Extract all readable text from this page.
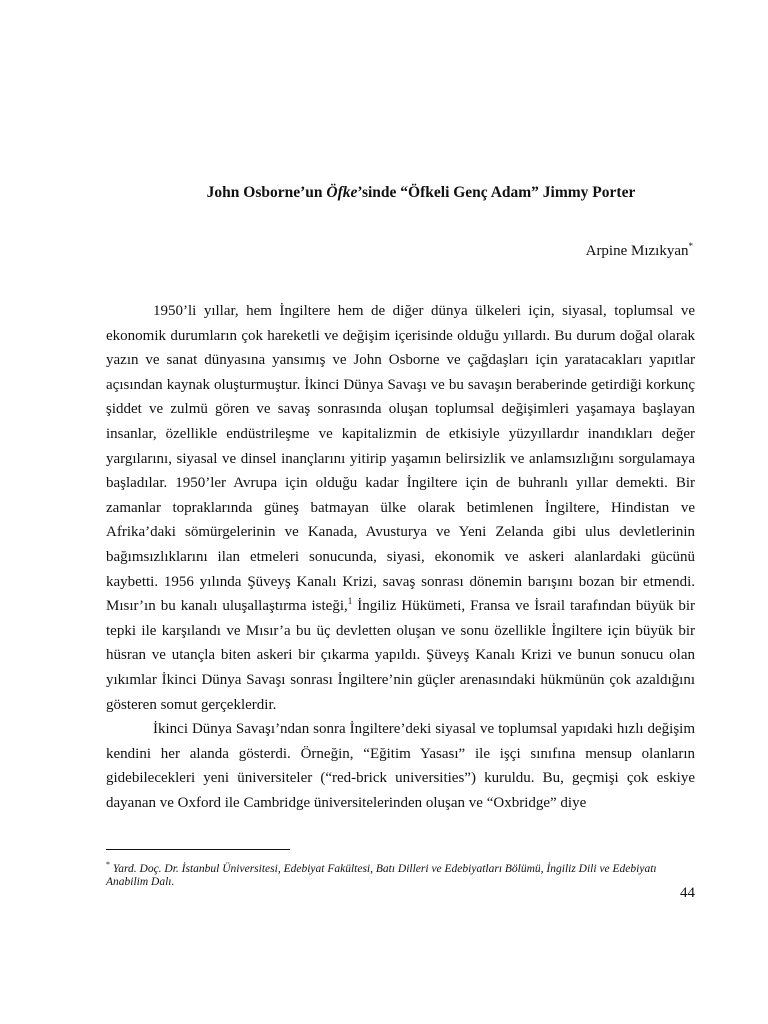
John Osborne’un Öfke’sinde “Öfkeli Genç Adam” Jimmy Porter
Arpine Mızıkyan*

1950’li yıllar, hem İngiltere hem de diğer dünya ülkeleri için, siyasal, toplumsal ve ekonomik durumların çok hareketli ve değişim içerisinde olduğu yıllardı. Bu durum doğal olarak yazın ve sanat dünyasına yansımış ve John Osborne ve çağdaşları için yaratacakları yapıtlar açısından kaynak oluşturmuştur. İkinci Dünya Savaşı ve bu savaşın beraberinde getirdiği korkunç şiddet ve zulmü gören ve savaş sonrasında oluşan toplumsal değişimleri yaşamaya başlayan insanlar, özellikle endüstrileşme ve kapitalizmin de etkisiyle yüzyıllardır inandıkları değer yargılarını, siyasal ve dinsel inançlarını yitirip yaşamın belirsizlik ve anlamsızlığını sorgulamaya başladılar. 1950’ler Avrupa için olduğu kadar İngiltere için de buhranlı yıllar demekti. Bir zamanlar topraklarında güneş batmayan ülke olarak betimlenen İngiltere, Hindistan ve Afrika’daki sömürgelerinin ve Kanada, Avusturya ve Yeni Zelanda gibi ulus devletlerinin bağımsızlıklarını ilan etmeleri sonucunda, siyasi, ekonomik ve askeri alanlardaki gücünü kaybetti. 1956 yılında Şüveyş Kanalı Krizi, savaş sonrası dönemin barışını bozan bir etmendi. Mısır’ın bu kanalı uluşallaştırma isteği,$^1$ İngiliz Hükümeti, Fransa ve İsrail tarafından büyük bir tepki ile karşılandı ve Mısır’a bu üç devletten oluşan ve sonu özellikle İngiltere için büyük bir hüsran ve utançla biten askeri bir çıkarma yapıldı. Şüveyş Kanalı Krizi ve bunun sonucu olan yıkımlar İkinci Dünya Savaşı sonrası İngiltere’nin güçler arenasındaki hükmünün çok azaldığını gösteren somut gerçeklerdir.

İkinci Dünya Savaşı’ndan sonra İngiltere’deki siyasal ve toplumsal yapıdaki hızlı değişim kendini her alanda gösterdi. Örneğin, “Eğitim Yasası” ile işçi sınıfına mensup olanların gidebilecekleri yeni üniversiteler (“red-brick universities”) kuruldu. Bu, geçmişi çok eskiye dayanan ve Oxford ile Cambridge üniversitelerinden oluşan ve “Oxbridge” diye

* Yard. Doç. Dr. İstanbul Üniversitesi, Edebiyat Fakültesi, Batı Dilleri ve Edebiyatları Bölümü, İngiliz Dili ve Edebiyatı Anabilim Dalı.

44
